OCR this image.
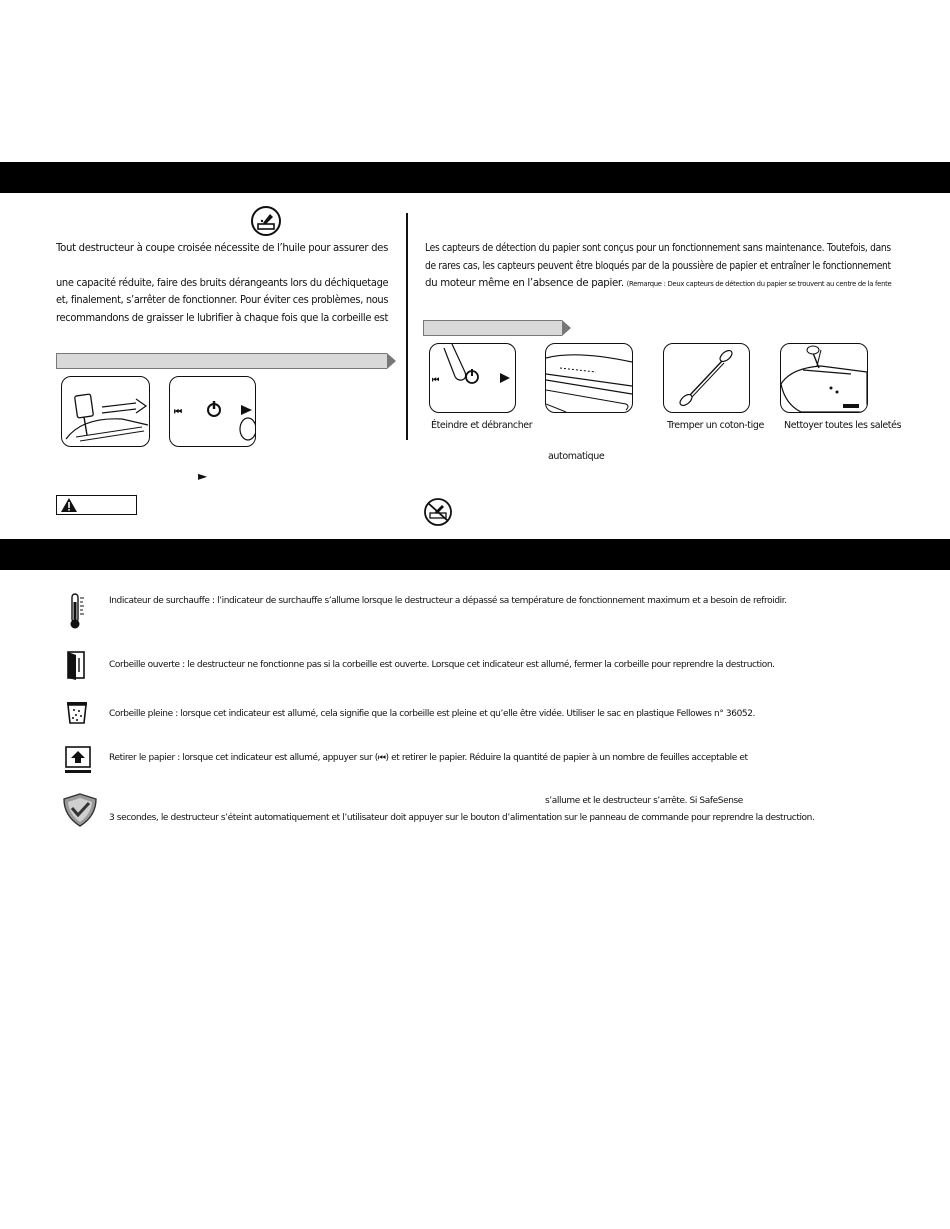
Tout destructeur à coupe croisée nécessite de l’huile pour assurer des
une capacité réduite, faire des bruits dérangeants lors du déchiquetage
et, finalement, s’arrêter de fonctionner. Pour éviter ces problèmes, nous
recommandons de graisser le lubrifier à chaque fois que la corbeille est
⏮
►
Les capteurs de détection du papier sont conçus pour un fonctionnement sans maintenance. Toutefois, dans
de rares cas, les capteurs peuvent être bloqués par de la poussière de papier et entraîner le fonctionnement
du moteur même en l’absence de papier. (Remarque : Deux capteurs de détection du papier se trouvent au centre de la fente
⏮
Éteindre et débrancher	Tremper un coton-tige Nettoyer toutes les saletés
automatique
Indicateur de surchauffe : l’indicateur de surchauffe s’allume lorsque le destructeur a dépassé sa température de fonctionnement maximum et a besoin de refroidir.
Corbeille ouverte : le destructeur ne fonctionne pas si la corbeille est ouverte. Lorsque cet indicateur est allumé, fermer la corbeille pour reprendre la destruction.
Corbeille pleine : lorsque cet indicateur est allumé, cela signifie que la corbeille est pleine et qu’elle être vidée. Utiliser le sac en plastique Fellowes n° 36052.
Retirer le papier : lorsque cet indicateur est allumé, appuyer sur (⏮) et retirer le papier. Réduire la quantité de papier à un nombre de feuilles acceptable et
s’allume et le destructeur s’arrête. Si SafeSense
3 secondes, le destructeur s’éteint automatiquement et l’utilisateur doit appuyer sur le bouton d’alimentation sur le panneau de commande pour reprendre la destruction.
